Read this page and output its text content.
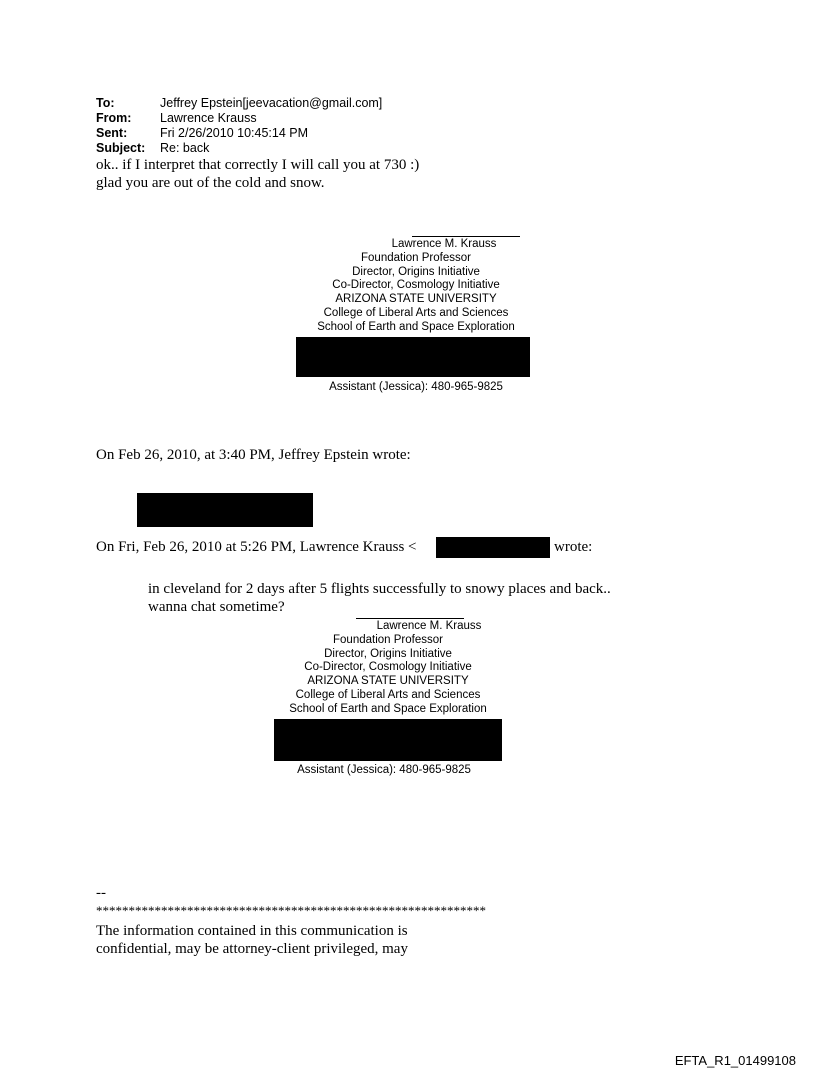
To:	Jeffrey Epstein[jeevacation@gmail.com]
From:	Lawrence Krauss
Sent:	Fri 2/26/2010 10:45:14 PM
Subject:	Re: back
ok.. if I interpret that correctly I will call you at 730 :)
glad you are out of the cold and snow.
Lawrence M. Krauss
Foundation Professor
Director, Origins Initiative
Co-Director, Cosmology Initiative
ARIZONA STATE UNIVERSITY
College of Liberal Arts and Sciences
School of Earth and Space Exploration
Assistant (Jessica): 480-965-9825
On Feb 26, 2010, at 3:40 PM, Jeffrey Epstein wrote:
On Fri, Feb 26, 2010 at 5:26 PM, Lawrence Krauss <	wrote:
in cleveland for 2 days after 5 flights successfully to snowy places and back..
wanna chat sometime?
Lawrence M. Krauss
Foundation Professor
Director, Origins Initiative
Co-Director, Cosmology Initiative
ARIZONA STATE UNIVERSITY
College of Liberal Arts and Sciences
School of Earth and Space Exploration
Assistant (Jessica): 480-965-9825
--
************************************************************
The information contained in this communication is
confidential, may be attorney-client privileged, may
EFTA_R1_01499108
